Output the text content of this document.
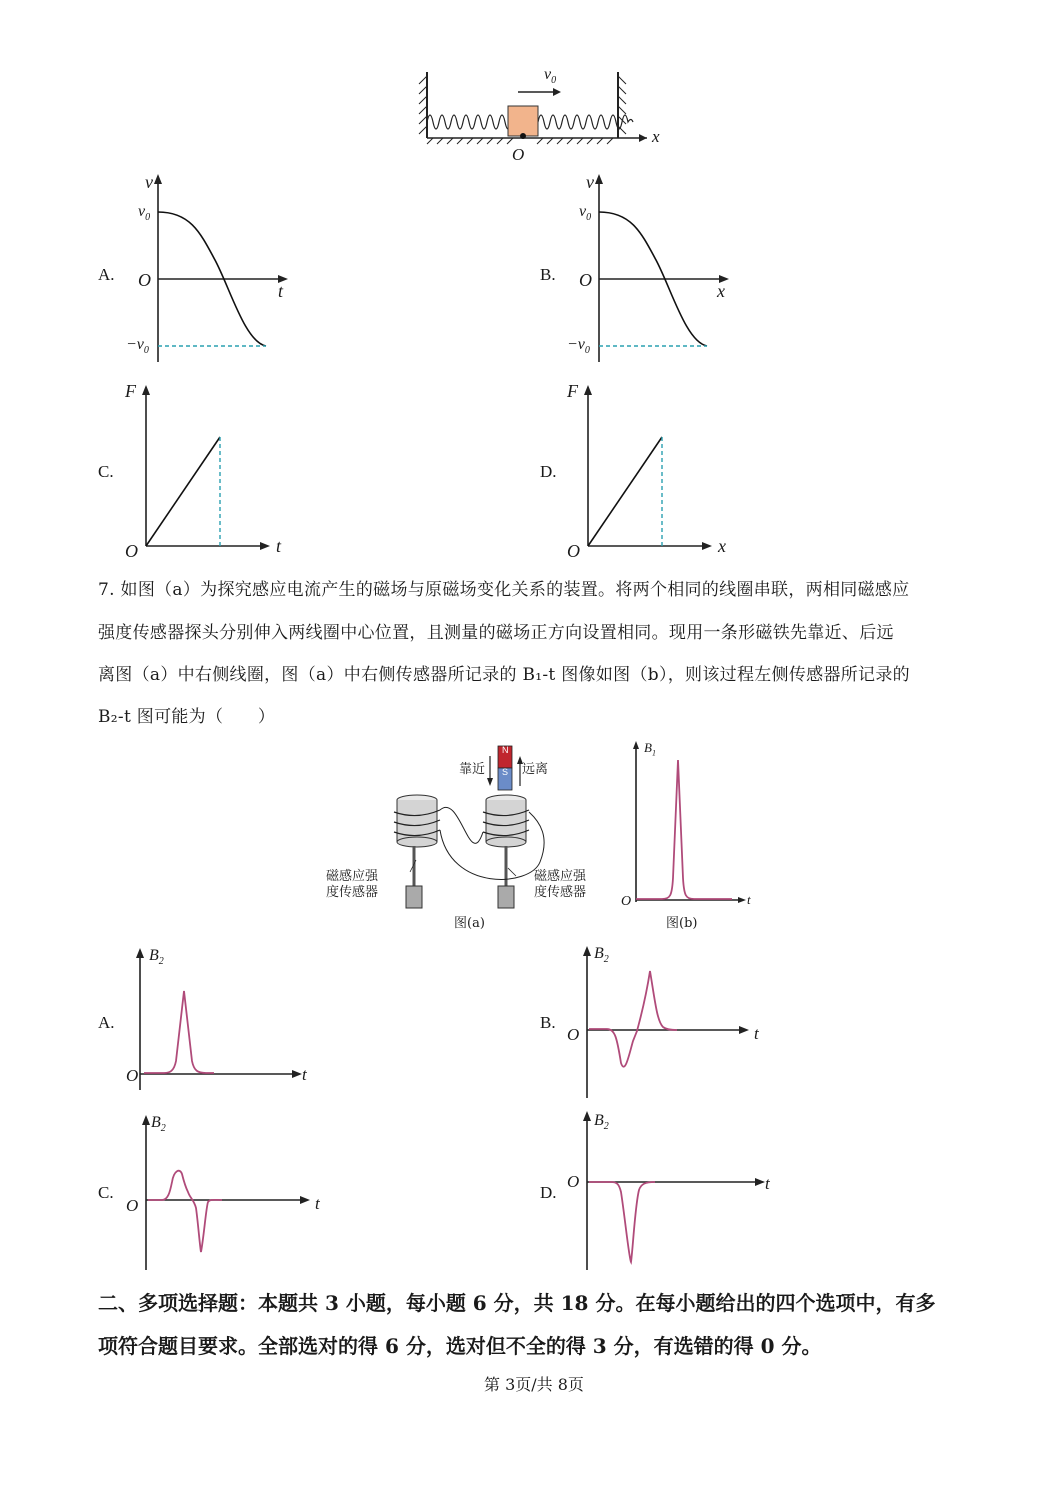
$v_0$
O
x
A.
v
$v_0$
O
t
$-v_0$
B.
v
$v_0$
O
x
$-v_0$
C.
F
O	t
D.
F
O	x
7. 如图（a）为探究感应电流产生的磁场与原磁场变化关系的装置。将两个相同的线圈串联，两相同磁感应
强度传感器探头分别伸入两线圈中心位置，且测量的磁场正方向设置相同。现用一条形磁铁先靠近、后远
离图（a）中右侧线圈，图（a）中右侧传感器所记录的 B₁-t 图像如图（b），则该过程左侧传感器所记录的
B₂-t 图可能为（　　）
靠近	远离
N
S
磁感应强
度传感器
磁感应强
度传感器
图(a)
$B_1$
O	t
图(b)
A.
$B_2$
O	t
B.
$B_2$
O	t
C.
$B_2$
O	t
D.
$B_2$
O	t
二、多项选择题：本题共 3 小题，每小题 6 分，共 18 分。在每小题给出的四个选项中，有多
项符合题目要求。全部选对的得 6 分，选对但不全的得 3 分，有选错的得 0 分。
第 3页/共 8页
